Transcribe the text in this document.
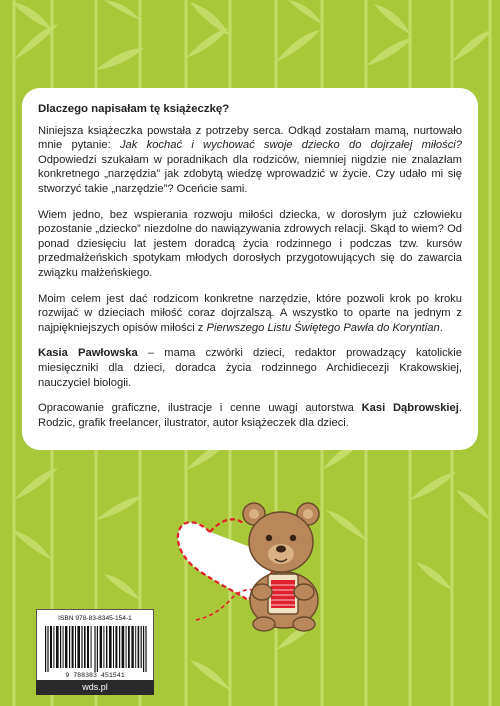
Dlaczego napisałam tę książeczkę?

Niniejsza książeczka powstała z potrzeby serca. Odkąd zostałam mamą, nurtowało mnie pytanie: Jak kochać i wychować swoje dziecko do dojrzałej miłości? Odpowiedzi szukałam w poradnikach dla rodziców, niemniej nigdzie nie znalazłam konkretnego „narzędzia” jak zdobytą wiedzę wprowadzić w życie. Czy udało mi się stworzyć takie „narzędzie”? Oceńcie sami.

Wiem jedno, bez wspierania rozwoju miłości dziecka, w dorosłym już człowieku pozostanie „dziecko” niezdolne do nawiązywania zdrowych relacji. Skąd to wiem? Od ponad dziesięciu lat jestem doradcą życia rodzinnego i podczas tzw. kursów przedmałżeńskich spotykam młodych dorosłych przygotowujących się do zawarcia związku małżeńskiego.

Moim celem jest dać rodzicom konkretne narzędzie, które pozwoli krok po kroku rozwijać w dzieciach miłość coraz dojrzalszą. A wszystko to oparte na jednym z najpiękniejszych opisów miłości z Pierwszego Listu Świętego Pawła do Koryntian.

Kasia Pawłowska – mama czwórki dzieci, redaktor prowadzący katolickie miesięczniki dla dzieci, doradca życia rodzinnego Archidiecezji Krakowskiej, nauczyciel biologii.

Opracowanie graficzne, ilustracje i cenne uwagi autorstwa Kasi Dąbrowskiej. Rodzic, grafik freelancer, ilustrator, autor książeczek dla dzieci.

ISBN 978-83-8345-154-1
9 788383 451541
wds.pl
